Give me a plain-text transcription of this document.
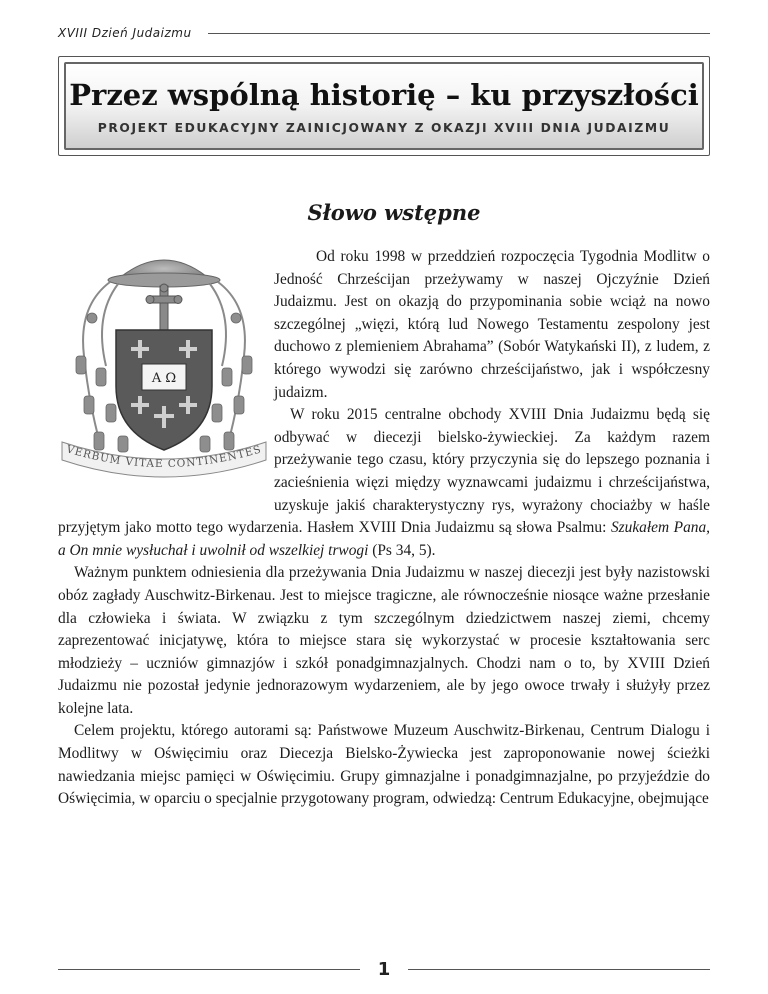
XVIII Dzień Judaizmu
Przez wspólną historię – ku przyszłości
PROJEKT EDUKACYJNY ZAINICJOWANY Z OKAZJI XVIII DNIA JUDAIZMU
Słowo wstępne
A Ω
VERBUM VITAE CONTINENTES

Od roku 1998 w przeddzień rozpoczęcia Tygodnia Modlitw o Jedność Chrześcijan przeżywamy w naszej Ojczyźnie Dzień Judaizmu. Jest on okazją do przypominania sobie wciąż na nowo szczególnej „więzi, którą lud Nowego Testamentu zespolony jest duchowo z plemieniem Abrahama” (Sobór Watykański II), z ludem, z którego wywodzi się zarówno chrześcijaństwo, jak i współczesny judaizm.

W roku 2015 centralne obchody XVIII Dnia Judaizmu będą się odbywać w diecezji bielsko-żywieckiej. Za każdym razem przeżywanie tego czasu, który przyczynia się do lepszego poznania i zacieśnienia więzi między wyznawcami judaizmu i chrześcijaństwa, uzyskuje jakiś charakterystyczny rys, wyrażony chociażby w haśle przyjętym jako motto tego wydarzenia. Hasłem XVIII Dnia Judaizmu są słowa Psalmu: Szukałem Pana, a On mnie wysłuchał i uwolnił od wszelkiej trwogi (Ps 34, 5).

Ważnym punktem odniesienia dla przeżywania Dnia Judaizmu w naszej diecezji jest były nazistowski obóz zagłady Auschwitz-Birkenau. Jest to miejsce tragiczne, ale równocześnie niosące ważne przesłanie dla człowieka i świata. W związku z tym szczególnym dziedzictwem naszej ziemi, chcemy zaprezentować inicjatywę, która to miejsce stara się wykorzystać w procesie kształtowania serc młodzieży – uczniów gimnazjów i szkół ponadgimnazjalnych. Chodzi nam o to, by XVIII Dzień Judaizmu nie pozostał jedynie jednorazowym wydarzeniem, ale by jego owoce trwały i służyły przez kolejne lata.

Celem projektu, którego autorami są: Państwowe Muzeum Auschwitz-Birkenau, Centrum Dialogu i Modlitwy w Oświęcimiu oraz Diecezja Bielsko-Żywiecka jest zaproponowanie nowej ścieżki nawiedzania miejsc pamięci w Oświęcimiu. Grupy gimnazjalne i ponadgimnazjalne, po przyjeździe do Oświęcimia, w oparciu o specjalnie przygotowany program, odwiedzą: Centrum Edukacyjne, obejmujące

1
